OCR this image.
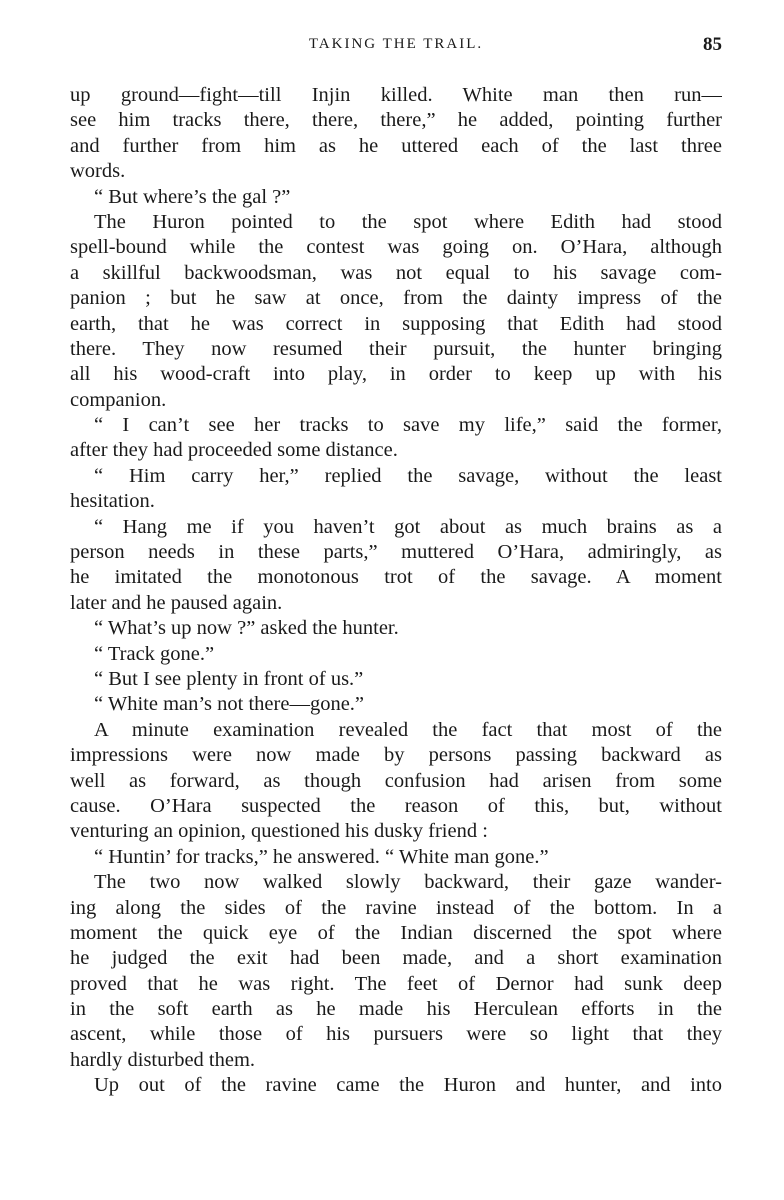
TAKING THE TRAIL.	85
up ground—fight—till Injin killed. White man then run—
see him tracks there, there, there,” he added, pointing further
and further from him as he uttered each of the last three
words.
“ But where’s the gal ?”
The Huron pointed to the spot where Edith had stood
spell-bound while the contest was going on. O’Hara, although
a skillful backwoodsman, was not equal to his savage com-
panion ; but he saw at once, from the dainty impress of the
earth, that he was correct in supposing that Edith had stood
there. They now resumed their pursuit, the hunter bringing
all his wood-craft into play, in order to keep up with his
companion.
“ I can’t see her tracks to save my life,” said the former,
after they had proceeded some distance.
“ Him carry her,” replied the savage, without the least
hesitation.
“ Hang me if you haven’t got about as much brains as a
person needs in these parts,” muttered O’Hara, admiringly, as
he imitated the monotonous trot of the savage. A moment
later and he paused again.
“ What’s up now ?” asked the hunter.
“ Track gone.”
“ But I see plenty in front of us.”
“ White man’s not there—gone.”
A minute examination revealed the fact that most of the
impressions were now made by persons passing backward as
well as forward, as though confusion had arisen from some
cause. O’Hara suspected the reason of this, but, without
venturing an opinion, questioned his dusky friend :
“ Huntin’ for tracks,” he answered. “ White man gone.”
The two now walked slowly backward, their gaze wander-
ing along the sides of the ravine instead of the bottom. In a
moment the quick eye of the Indian discerned the spot where
he judged the exit had been made, and a short examination
proved that he was right. The feet of Dernor had sunk deep
in the soft earth as he made his Herculean efforts in the
ascent, while those of his pursuers were so light that they
hardly disturbed them.
Up out of the ravine came the Huron and hunter, and into
